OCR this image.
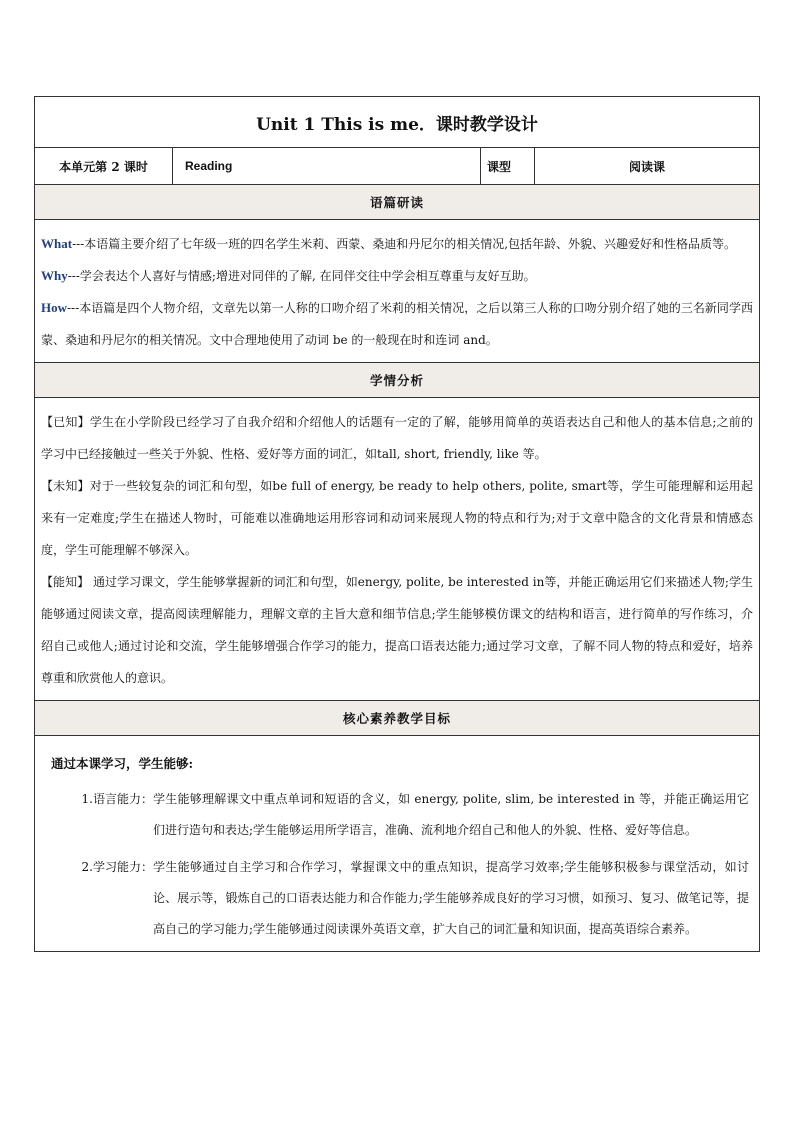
Unit 1 This is me．课时教学设计
本单元第 2 课时	Reading	课型	阅读课
语篇研读

What---本语篇主要介绍了七年级一班的四名学生米莉、西蒙、桑迪和丹尼尔的相关情况,包括年龄、外貌、兴趣爱好和性格品质等。

Why---学会表达个人喜好与情感;增进对同伴的了解, 在同伴交往中学会相互尊重与友好互助。

How---本语篇是四个人物介绍，文章先以第一人称的口吻介绍了米莉的相关情况，之后以第三人称的口吻分别介绍了她的三名新同学西蒙、桑迪和丹尼尔的相关情况。文中合理地使用了动词 be 的一般现在时和连词 and。

学情分析

【已知】学生在小学阶段已经学习了自我介绍和介绍他人的话题有一定的了解，能够用简单的英语表达自己和他人的基本信息;之前的学习中已经接触过一些关于外貌、性格、爱好等方面的词汇，如tall, short, friendly, like 等。

【未知】对于一些较复杂的词汇和句型，如be full of energy, be ready to help others, polite, smart等，学生可能理解和运用起来有一定难度;学生在描述人物时，可能难以准确地运用形容词和动词来展现人物的特点和行为;对于文章中隐含的文化背景和情感态度，学生可能理解不够深入。

【能知】 通过学习课文，学生能够掌握新的词汇和句型，如energy, polite, be interested in等，并能正确运用它们来描述人物;学生能够通过阅读文章，提高阅读理解能力，理解文章的主旨大意和细节信息;学生能够模仿课文的结构和语言，进行简单的写作练习，介绍自己或他人;通过讨论和交流，学生能够增强合作学习的能力，提高口语表达能力;通过学习文章，了解不同人物的特点和爱好，培养尊重和欣赏他人的意识。

核心素养教学目标

通过本课学习，学生能够:
1.语言能力： 学生能够理解课文中重点单词和短语的含义，如 energy, polite, slim, be interested in 等，并能正确运用它们进行造句和表达;学生能够运用所学语言，准确、流利地介绍自己和他人的外貌、性格、爱好等信息。
2.学习能力： 学生能够通过自主学习和合作学习，掌握课文中的重点知识，提高学习效率;学生能够积极参与课堂活动，如讨论、展示等，锻炼自己的口语表达能力和合作能力;学生能够养成良好的学习习惯，如预习、复习、做笔记等，提高自己的学习能力;学生能够通过阅读课外英语文章，扩大自己的词汇量和知识面，提高英语综合素养。
